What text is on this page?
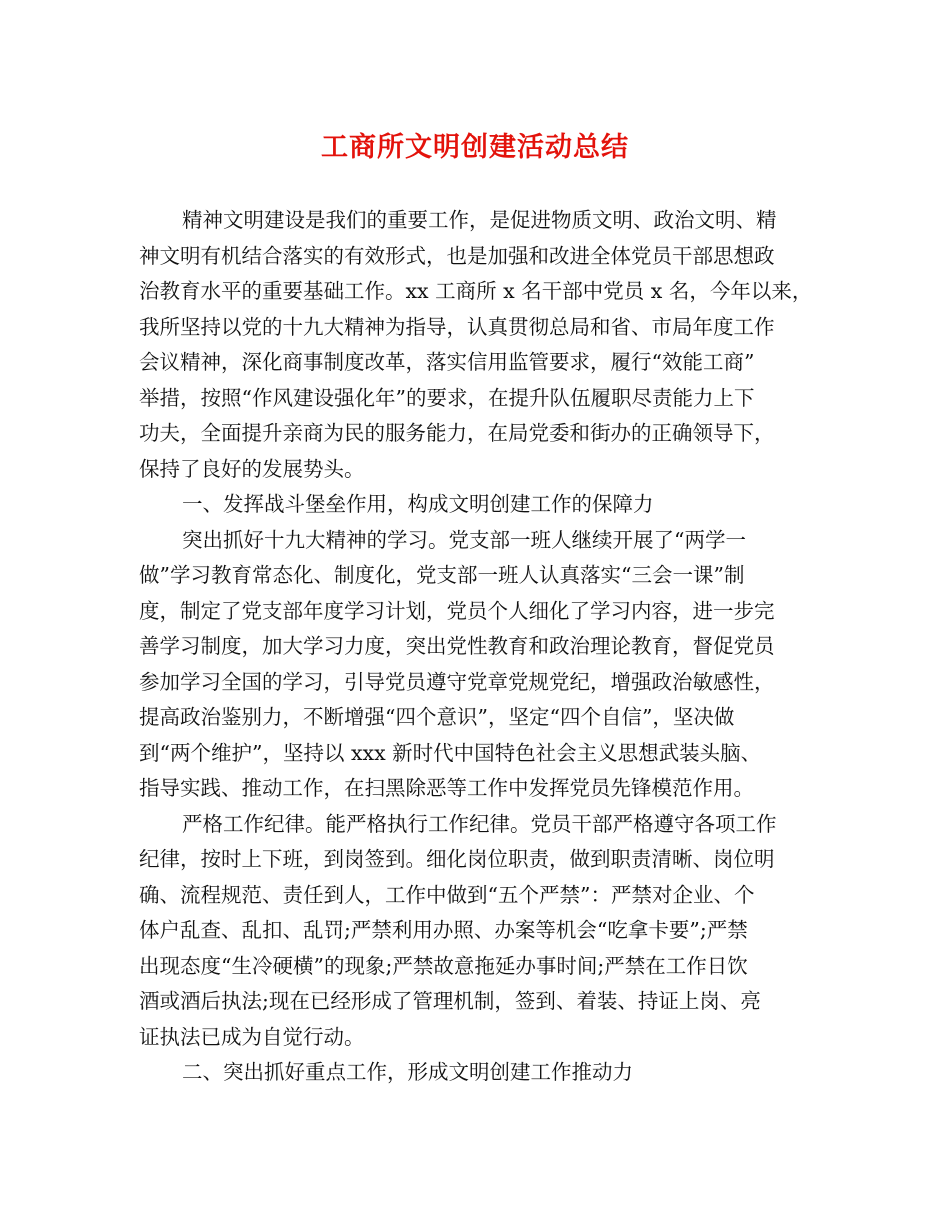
工商所文明创建活动总结
精神文明建设是我们的重要工作，是促进物质文明、政治文明、精
神文明有机结合落实的有效形式，也是加强和改进全体党员干部思想政
治教育水平的重要基础工作。xx 工商所 x 名干部中党员 x 名，今年以来，
我所坚持以党的十九大精神为指导，认真贯彻总局和省、市局年度工作
会议精神，深化商事制度改革，落实信用监管要求，履行“效能工商”
举措，按照“作风建设强化年”的要求，在提升队伍履职尽责能力上下
功夫，全面提升亲商为民的服务能力，在局党委和街办的正确领导下，
保持了良好的发展势头。
一、发挥战斗堡垒作用，构成文明创建工作的保障力
突出抓好十九大精神的学习。党支部一班人继续开展了“两学一
做”学习教育常态化、制度化，党支部一班人认真落实“三会一课”制
度，制定了党支部年度学习计划，党员个人细化了学习内容，进一步完
善学习制度，加大学习力度，突出党性教育和政治理论教育，督促党员
参加学习全国的学习，引导党员遵守党章党规党纪，增强政治敏感性，
提高政治鉴别力，不断增强“四个意识”，坚定“四个自信”，坚决做
到“两个维护”，坚持以 xxx 新时代中国特色社会主义思想武装头脑、
指导实践、推动工作，在扫黑除恶等工作中发挥党员先锋模范作用。
严格工作纪律。能严格执行工作纪律。党员干部严格遵守各项工作
纪律，按时上下班，到岗签到。细化岗位职责，做到职责清晰、岗位明
确、流程规范、责任到人，工作中做到“五个严禁”：严禁对企业、个
体户乱查、乱扣、乱罚;严禁利用办照、办案等机会“吃拿卡要”;严禁
出现态度“生冷硬横”的现象;严禁故意拖延办事时间;严禁在工作日饮
酒或酒后执法;现在已经形成了管理机制，签到、着装、持证上岗、亮
证执法已成为自觉行动。
二、突出抓好重点工作，形成文明创建工作推动力
